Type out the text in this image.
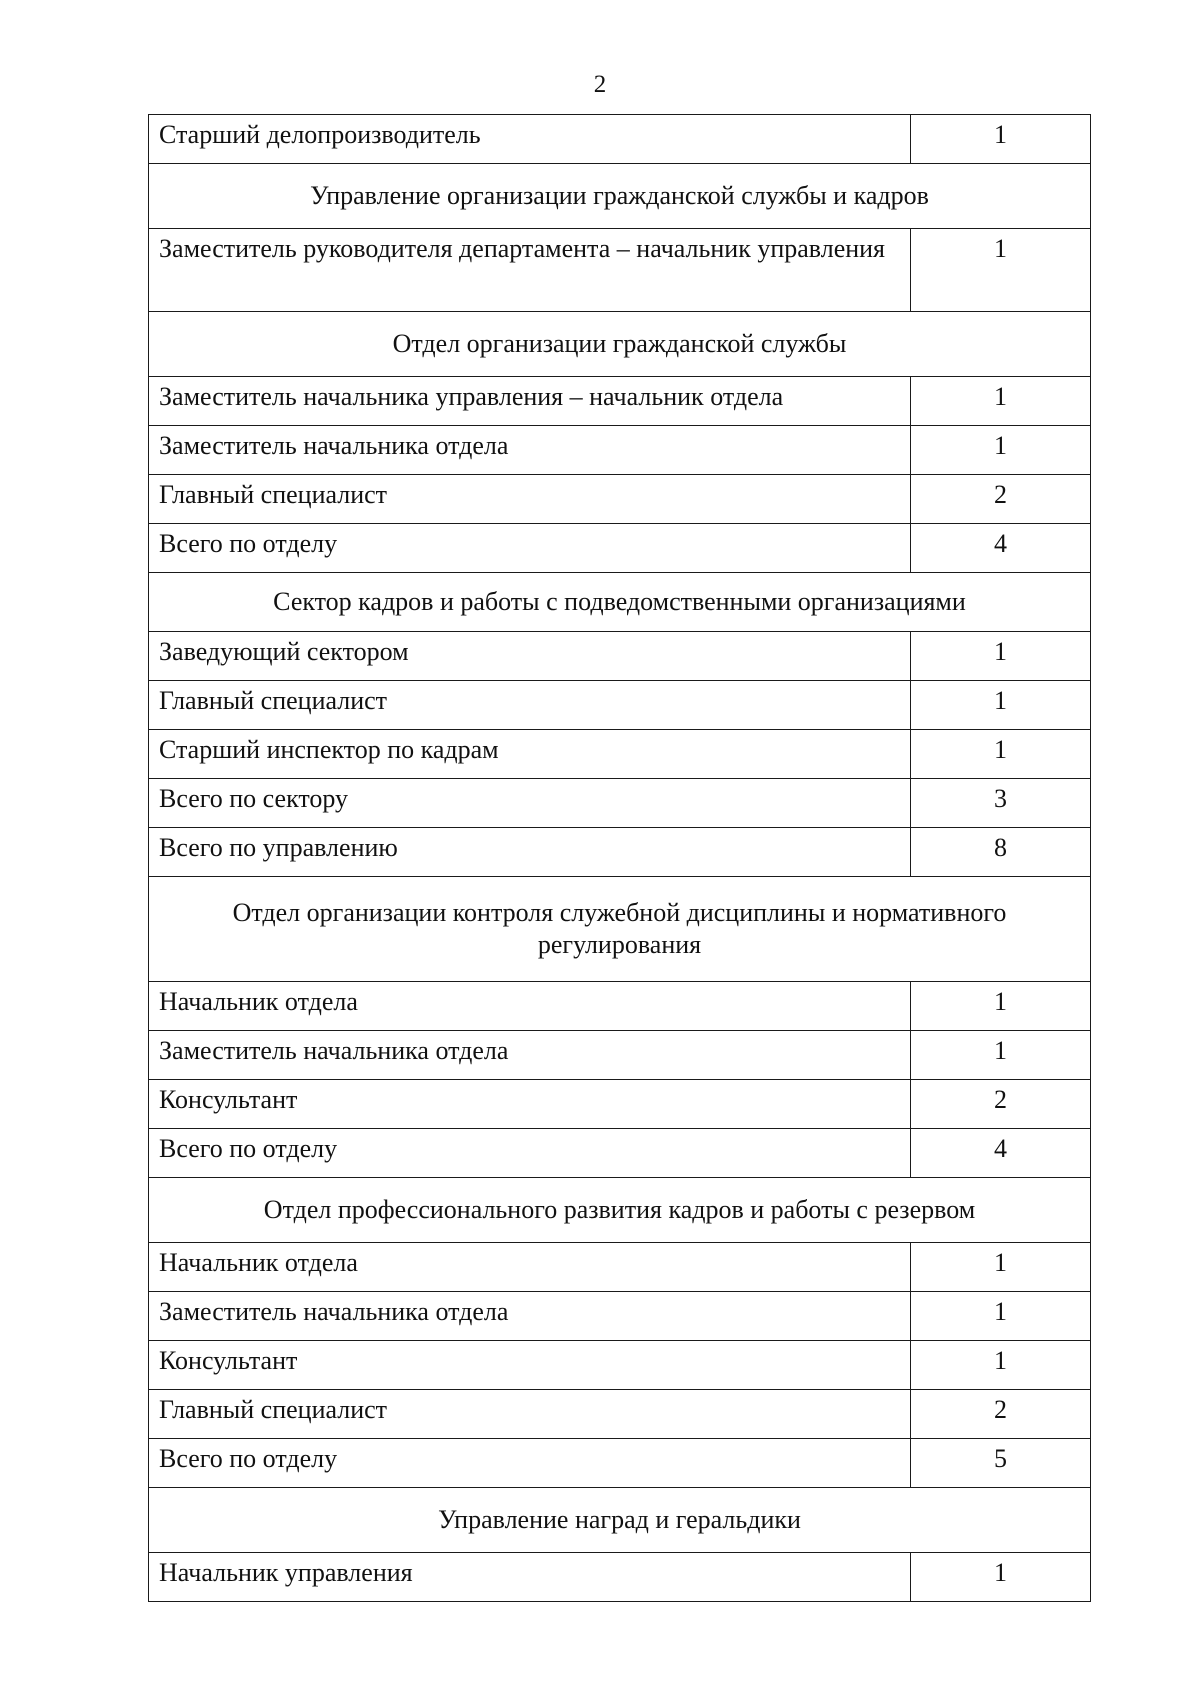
2
Старший делопроизводитель	1
Управление организации гражданской службы и кадров	
Заместитель руководителя департамента – начальник управления	1
Отдел организации гражданской службы	
Заместитель начальника управления – начальник отдела	1
Заместитель начальника отдела	1
Главный специалист	2
Всего по отделу	4
Сектор кадров и работы с подведомственными организациями	
Заведующий сектором	1
Главный специалист	1
Старший инспектор по кадрам	1
Всего по сектору	3
Всего по управлению	8
Отдел организации контроля служебной дисциплины и нормативного регулирования	
Начальник отдела	1
Заместитель начальника отдела	1
Консультант	2
Всего по отделу	4
Отдел профессионального развития кадров и работы с резервом	
Начальник отдела	1
Заместитель начальника отдела	1
Консультант	1
Главный специалист	2
Всего по отделу	5
Управление наград и геральдики	
Начальник управления	1
